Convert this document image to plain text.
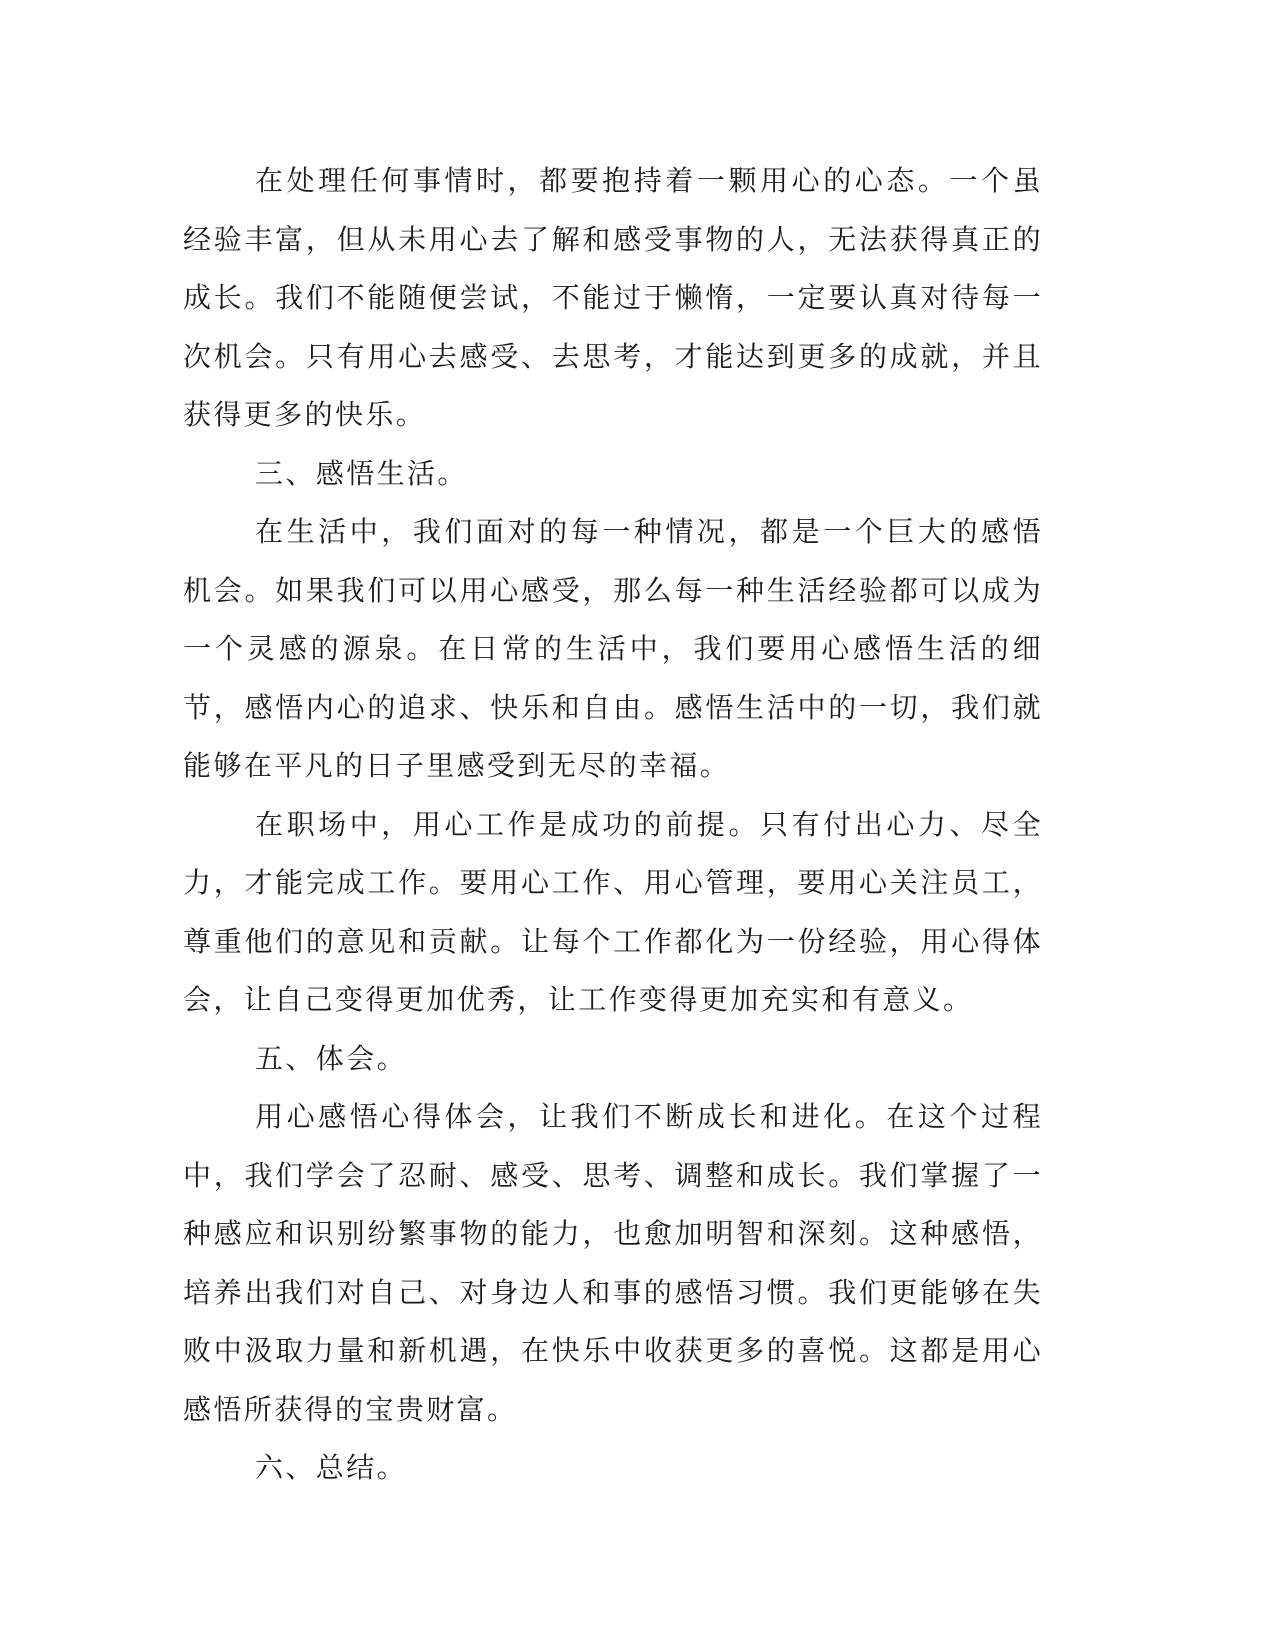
在处理任何事情时，都要抱持着一颗用心的心态。一个虽经验丰富，但从未用心去了解和感受事物的人，无法获得真正的成长。我们不能随便尝试，不能过于懒惰，一定要认真对待每一次机会。只有用心去感受、去思考，才能达到更多的成就，并且获得更多的快乐。

三、感悟生活。

在生活中，我们面对的每一种情况，都是一个巨大的感悟机会。如果我们可以用心感受，那么每一种生活经验都可以成为一个灵感的源泉。在日常的生活中，我们要用心感悟生活的细节，感悟内心的追求、快乐和自由。感悟生活中的一切，我们就能够在平凡的日子里感受到无尽的幸福。

在职场中，用心工作是成功的前提。只有付出心力、尽全力，才能完成工作。要用心工作、用心管理，要用心关注员工，尊重他们的意见和贡献。让每个工作都化为一份经验，用心得体会，让自己变得更加优秀，让工作变得更加充实和有意义。

五、体会。

用心感悟心得体会，让我们不断成长和进化。在这个过程中，我们学会了忍耐、感受、思考、调整和成长。我们掌握了一种感应和识别纷繁事物的能力，也愈加明智和深刻。这种感悟，培养出我们对自己、对身边人和事的感悟习惯。我们更能够在失败中汲取力量和新机遇，在快乐中收获更多的喜悦。这都是用心感悟所获得的宝贵财富。

六、总结。
